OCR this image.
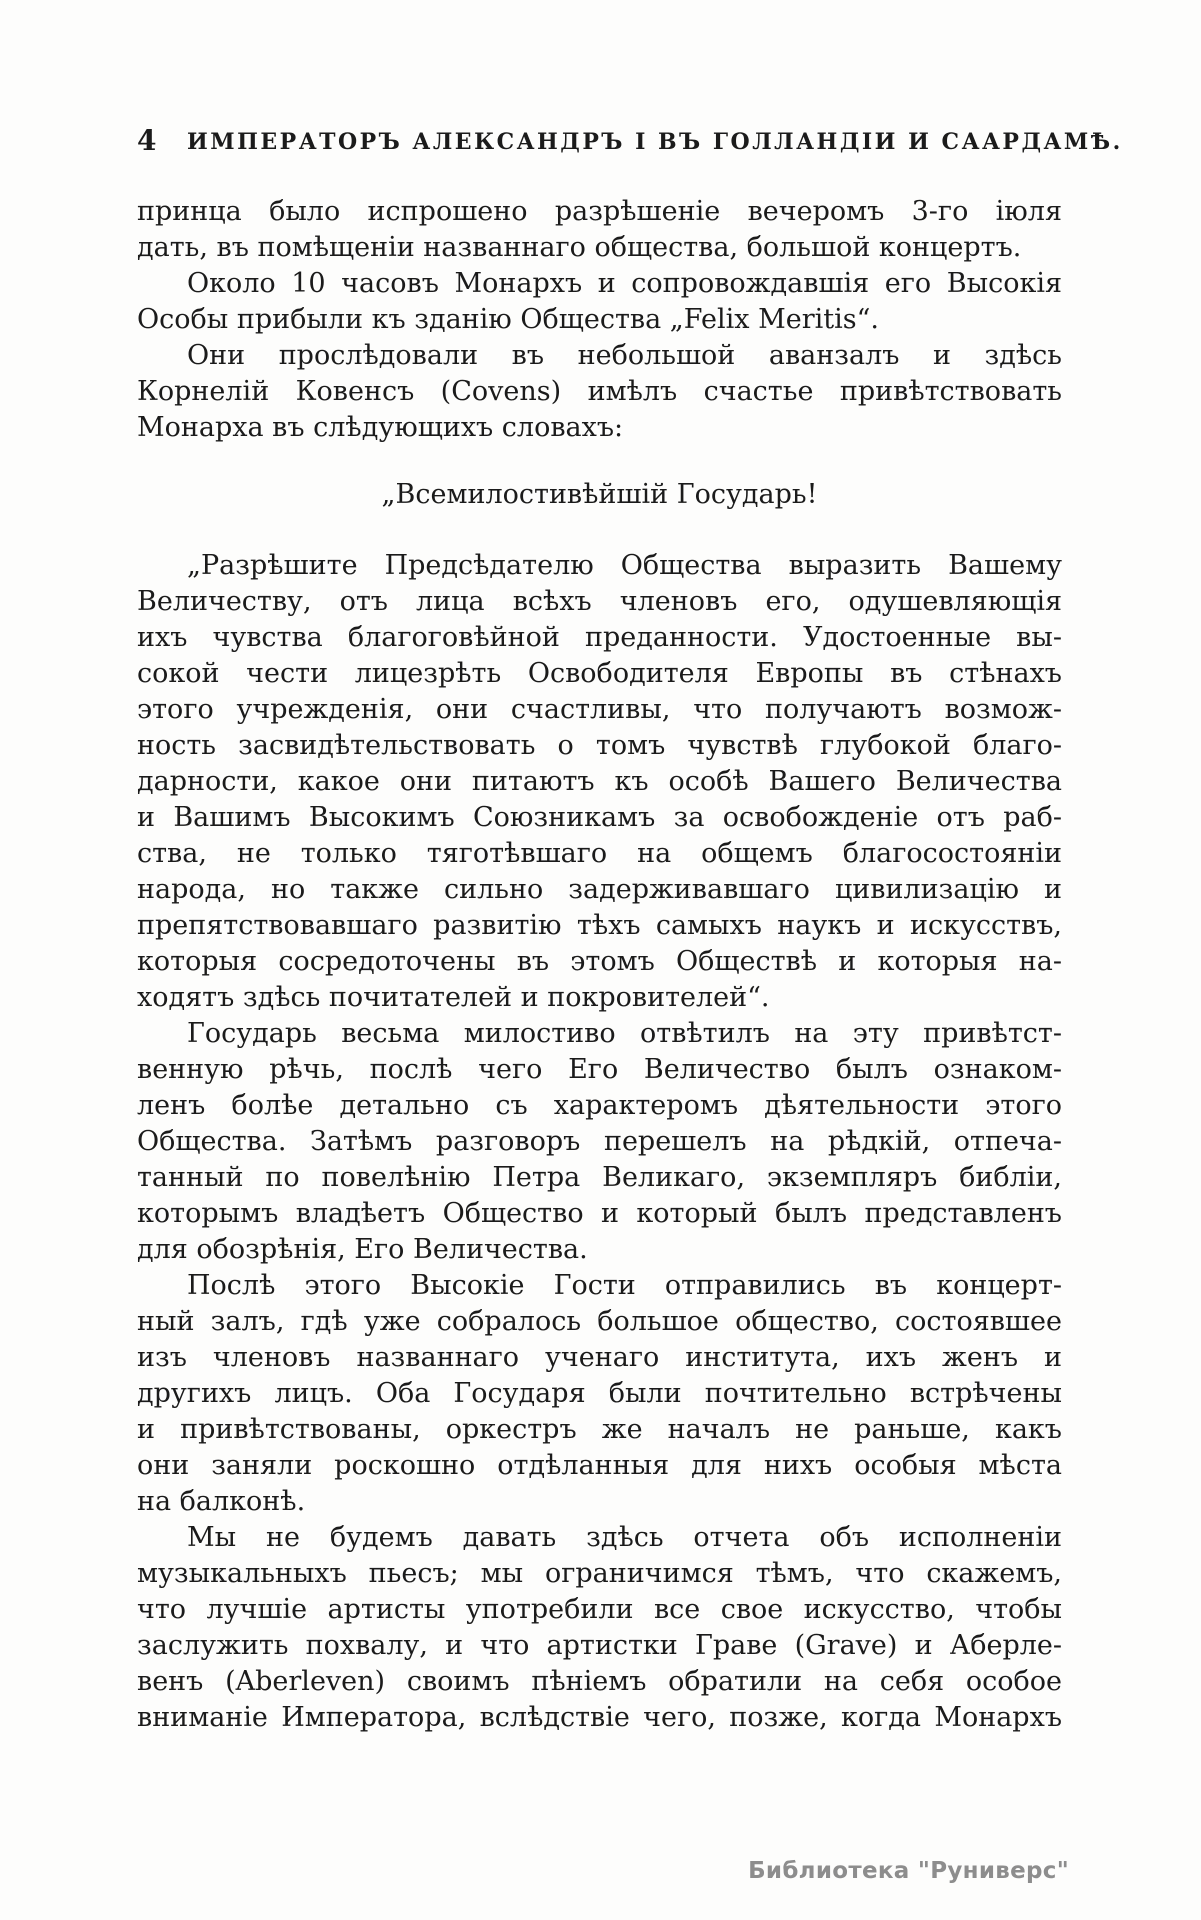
4	ИМПЕРАТОРЪ АЛЕКСАНДРЪ I ВЪ ГОЛЛАНДІИ И СААРДАМѢ.
принца было испрошено разрѣшеніе вечеромъ 3-го іюля
дать, въ помѣщеніи названнаго общества, большой концертъ.
Около 10 часовъ Монархъ и сопровождавшія его Высокія
Особы прибыли къ зданію Общества „Felix Meritis“.
Они прослѣдовали въ небольшой аванзалъ и здѣсь
Корнелій Ковенсъ (Covens) имѣлъ счастье привѣтствовать
Монарха въ слѣдующихъ словахъ:
„Всемилостивѣйшій Государь!
„Разрѣшите Предсѣдателю Общества выразить Вашему
Величеству, отъ лица всѣхъ членовъ его, одушевляющія
ихъ чувства благоговѣйной преданности. Удостоенные вы-
сокой чести лицезрѣть Освободителя Европы въ стѣнахъ
этого учрежденія, они счастливы, что получаютъ возмож-
ность засвидѣтельствовать о томъ чувствѣ глубокой благо-
дарности, какое они питаютъ къ особѣ Вашего Величества
и Вашимъ Высокимъ Союзникамъ за освобожденіе отъ раб-
ства, не только тяготѣвшаго на общемъ благосостояніи
народа, но также сильно задерживавшаго цивилизацію и
препятствовавшаго развитію тѣхъ самыхъ наукъ и искусствъ,
которыя сосредоточены въ этомъ Обществѣ и которыя на-
ходятъ здѣсь почитателей и покровителей“.
Государь весьма милостиво отвѣтилъ на эту привѣтст-
венную рѣчь, послѣ чего Его Величество былъ ознаком-
ленъ болѣе детально съ характеромъ дѣятельности этого
Общества. Затѣмъ разговоръ перешелъ на рѣдкій, отпеча-
танный по повелѣнію Петра Великаго, экземпляръ библіи,
которымъ владѣетъ Общество и который былъ представленъ
для обозрѣнія, Его Величества.
Послѣ этого Высокіе Гости отправились въ концерт-
ный залъ, гдѣ уже собралось большое общество, состоявшее
изъ членовъ названнаго ученаго института, ихъ женъ и
другихъ лицъ. Оба Государя были почтительно встрѣчены
и привѣтствованы, оркестръ же началъ не раньше, какъ
они заняли роскошно отдѣланныя для нихъ особыя мѣста
на балконѣ.
Мы не будемъ давать здѣсь отчета объ исполненіи
музыкальныхъ пьесъ; мы ограничимся тѣмъ, что скажемъ,
что лучшіе артисты употребили все свое искусство, чтобы
заслужить похвалу, и что артистки Граве (Grave) и Аберле-
венъ (Aberleven) своимъ пѣніемъ обратили на себя особое
вниманіе Императора, вслѣдствіе чего, позже, когда Монархъ
Библиотека "Руниверс"
